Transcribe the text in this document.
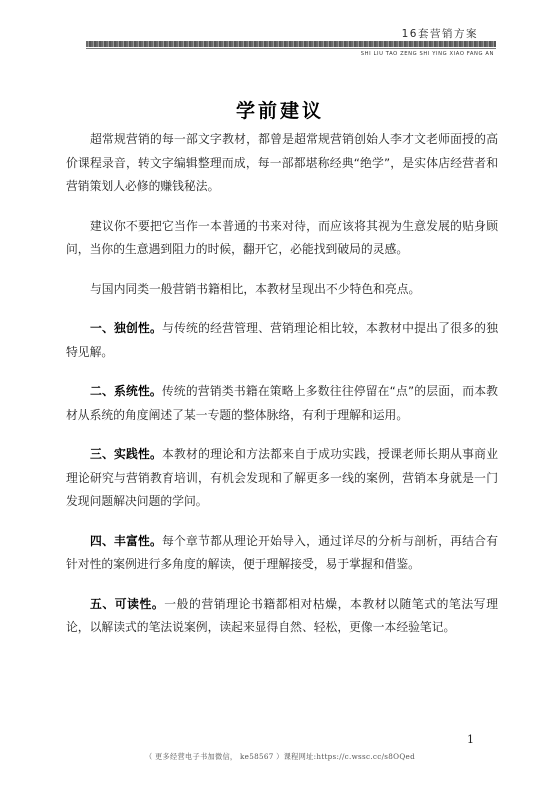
16套营销方案
SHI LIU TAO ZENG SHI YING XIAO FANG AN
学前建议

超常规营销的每一部文字教材，都曾是超常规营销创始人李才文老师面授的高价课程录音，转文字编辑整理而成，每一部都堪称经典“绝学”，是实体店经营者和营销策划人必修的赚钱秘法。

建议你不要把它当作一本普通的书来对待，而应该将其视为生意发展的贴身顾问，当你的生意遇到阻力的时候，翻开它，必能找到破局的灵感。

与国内同类一般营销书籍相比，本教材呈现出不少特色和亮点。

一、独创性。与传统的经营管理、营销理论相比较，本教材中提出了很多的独特见解。

二、系统性。传统的营销类书籍在策略上多数往往停留在“点”的层面，而本教材从系统的角度阐述了某一专题的整体脉络，有利于理解和运用。

三、实践性。本教材的理论和方法都来自于成功实践，授课老师长期从事商业理论研究与营销教育培训，有机会发现和了解更多一线的案例，营销本身就是一门发现问题解决问题的学问。

四、丰富性。每个章节都从理论开始导入，通过详尽的分析与剖析，再结合有针对性的案例进行多角度的解读，便于理解接受，易于掌握和借鉴。

五、可读性。一般的营销理论书籍都相对枯燥，本教材以随笔式的笔法写理论，以解读式的笔法说案例，读起来显得自然、轻松，更像一本经验笔记。

1
（ 更多经营电子书加微信， ke58567 ）课程网址:https://c.wssc.cc/s8OQed
